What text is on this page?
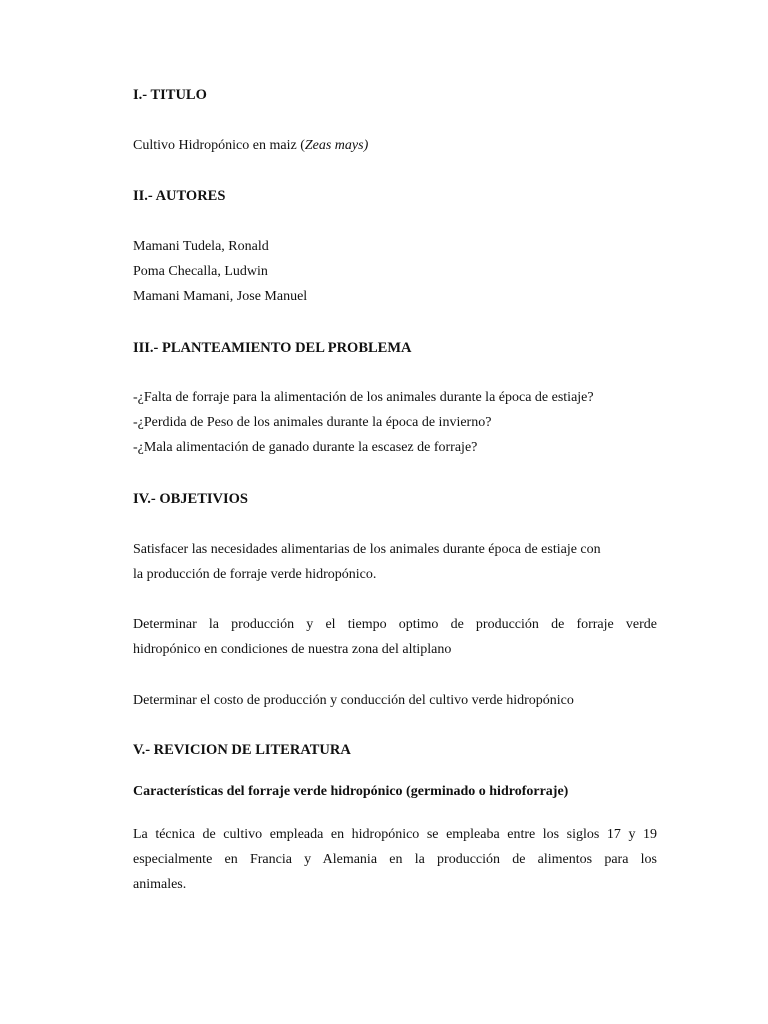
I.- TITULO
Cultivo Hidropónico en maiz (Zeas mays)
II.- AUTORES
Mamani Tudela, Ronald
Poma Checalla, Ludwin
Mamani Mamani, Jose Manuel
III.- PLANTEAMIENTO DEL PROBLEMA
-¿Falta de forraje para la alimentación de los animales durante la época de estiaje?
-¿Perdida de Peso de los animales durante la época de invierno?
-¿Mala alimentación de ganado durante la escasez de forraje?
IV.- OBJETIVIOS
Satisfacer las necesidades alimentarias de los animales durante época de estiaje con
la producción de forraje verde hidropónico.
Determinar la producción y el tiempo optimo de producción de forraje verde
hidropónico en condiciones de nuestra zona del altiplano
Determinar el costo de producción y conducción del cultivo verde hidropónico
V.- REVICION DE LITERATURA
Características del forraje verde hidropónico (germinado o hidroforraje)
La técnica de cultivo empleada en hidropónico se empleaba entre los siglos 17 y 19
especialmente en Francia y Alemania en la producción de alimentos para los
animales.
